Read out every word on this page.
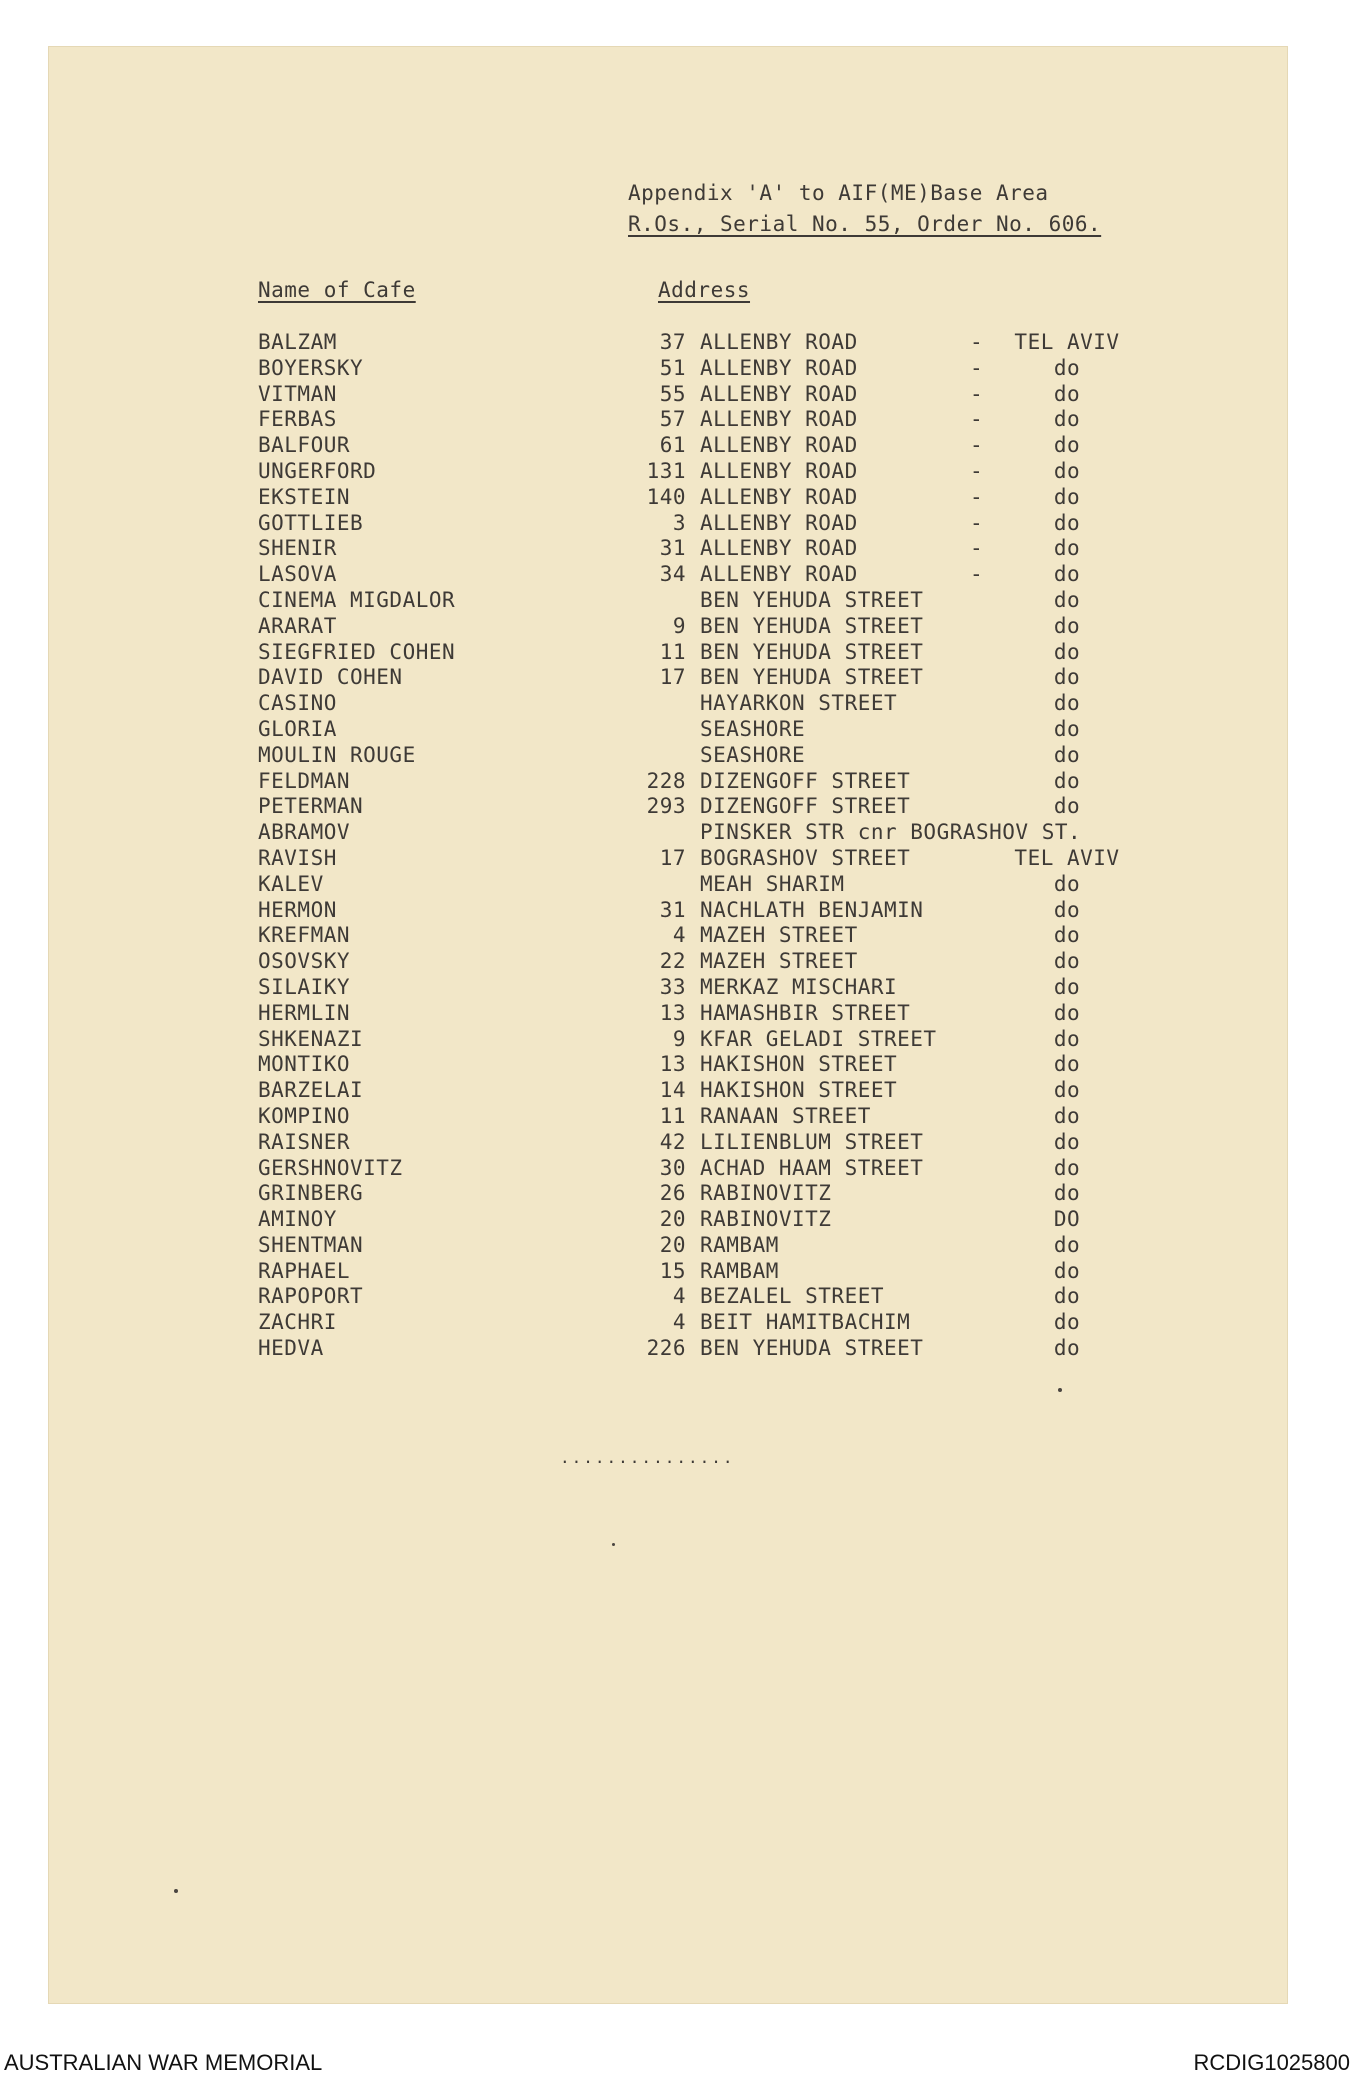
Appendix 'A' to AIF(ME)Base Area
R.Os., Serial No. 55, Order No. 606.
Name of Cafe	Address
BALZAM	37 ALLENBY ROAD	- TEL AVIV
BOYERSKY	51 ALLENBY ROAD	-	do
VITMAN	55 ALLENBY ROAD	-	do
FERBAS	57 ALLENBY ROAD	-	do
BALFOUR	61 ALLENBY ROAD	-	do
UNGERFORD	131 ALLENBY ROAD	-	do
EKSTEIN	140 ALLENBY ROAD	-	do
GOTTLIEB	3 ALLENBY ROAD	-	do
SHENIR	31 ALLENBY ROAD	-	do
LASOVA	34 ALLENBY ROAD	-	do
CINEMA MIGDALOR	BEN YEHUDA STREET	do
ARARAT	9 BEN YEHUDA STREET	do
SIEGFRIED COHEN	11 BEN YEHUDA STREET	do
DAVID COHEN	17 BEN YEHUDA STREET	do
CASINO	HAYARKON STREET	do
GLORIA	SEASHORE	do
MOULIN ROUGE	SEASHORE	do
FELDMAN	228 DIZENGOFF STREET	do
PETERMAN	293 DIZENGOFF STREET	do
ABRAMOV	PINSKER STR cnr BOGRASHOV ST.
RAVISH	17 BOGRASHOV STREET	TEL AVIV
KALEV	MEAH SHARIM	do
HERMON	31 NACHLATH BENJAMIN	do
KREFMAN	4 MAZEH STREET	do
OSOVSKY	22 MAZEH STREET	do
SILAIKY	33 MERKAZ MISCHARI	do
HERMLIN	13 HAMASHBIR STREET	do
SHKENAZI	9 KFAR GELADI STREET	do
MONTIKO	13 HAKISHON STREET	do
BARZELAI	14 HAKISHON STREET	do
KOMPINO	11 RANAAN STREET	do
RAISNER	42 LILIENBLUM STREET	do
GERSHNOVITZ	30 ACHAD HAAM STREET	do
GRINBERG	26 RABINOVITZ	do
AMINOY	20 RABINOVITZ	DO
SHENTMAN	20 RAMBAM	do
RAPHAEL	15 RAMBAM	do
RAPOPORT	4 BEZALEL STREET	do
ZACHRI	4 BEIT HAMITBACHIM	do
HEDVA	226 BEN YEHUDA STREET	do
...............
AUSTRALIAN WAR MEMORIAL	RCDIG1025800
